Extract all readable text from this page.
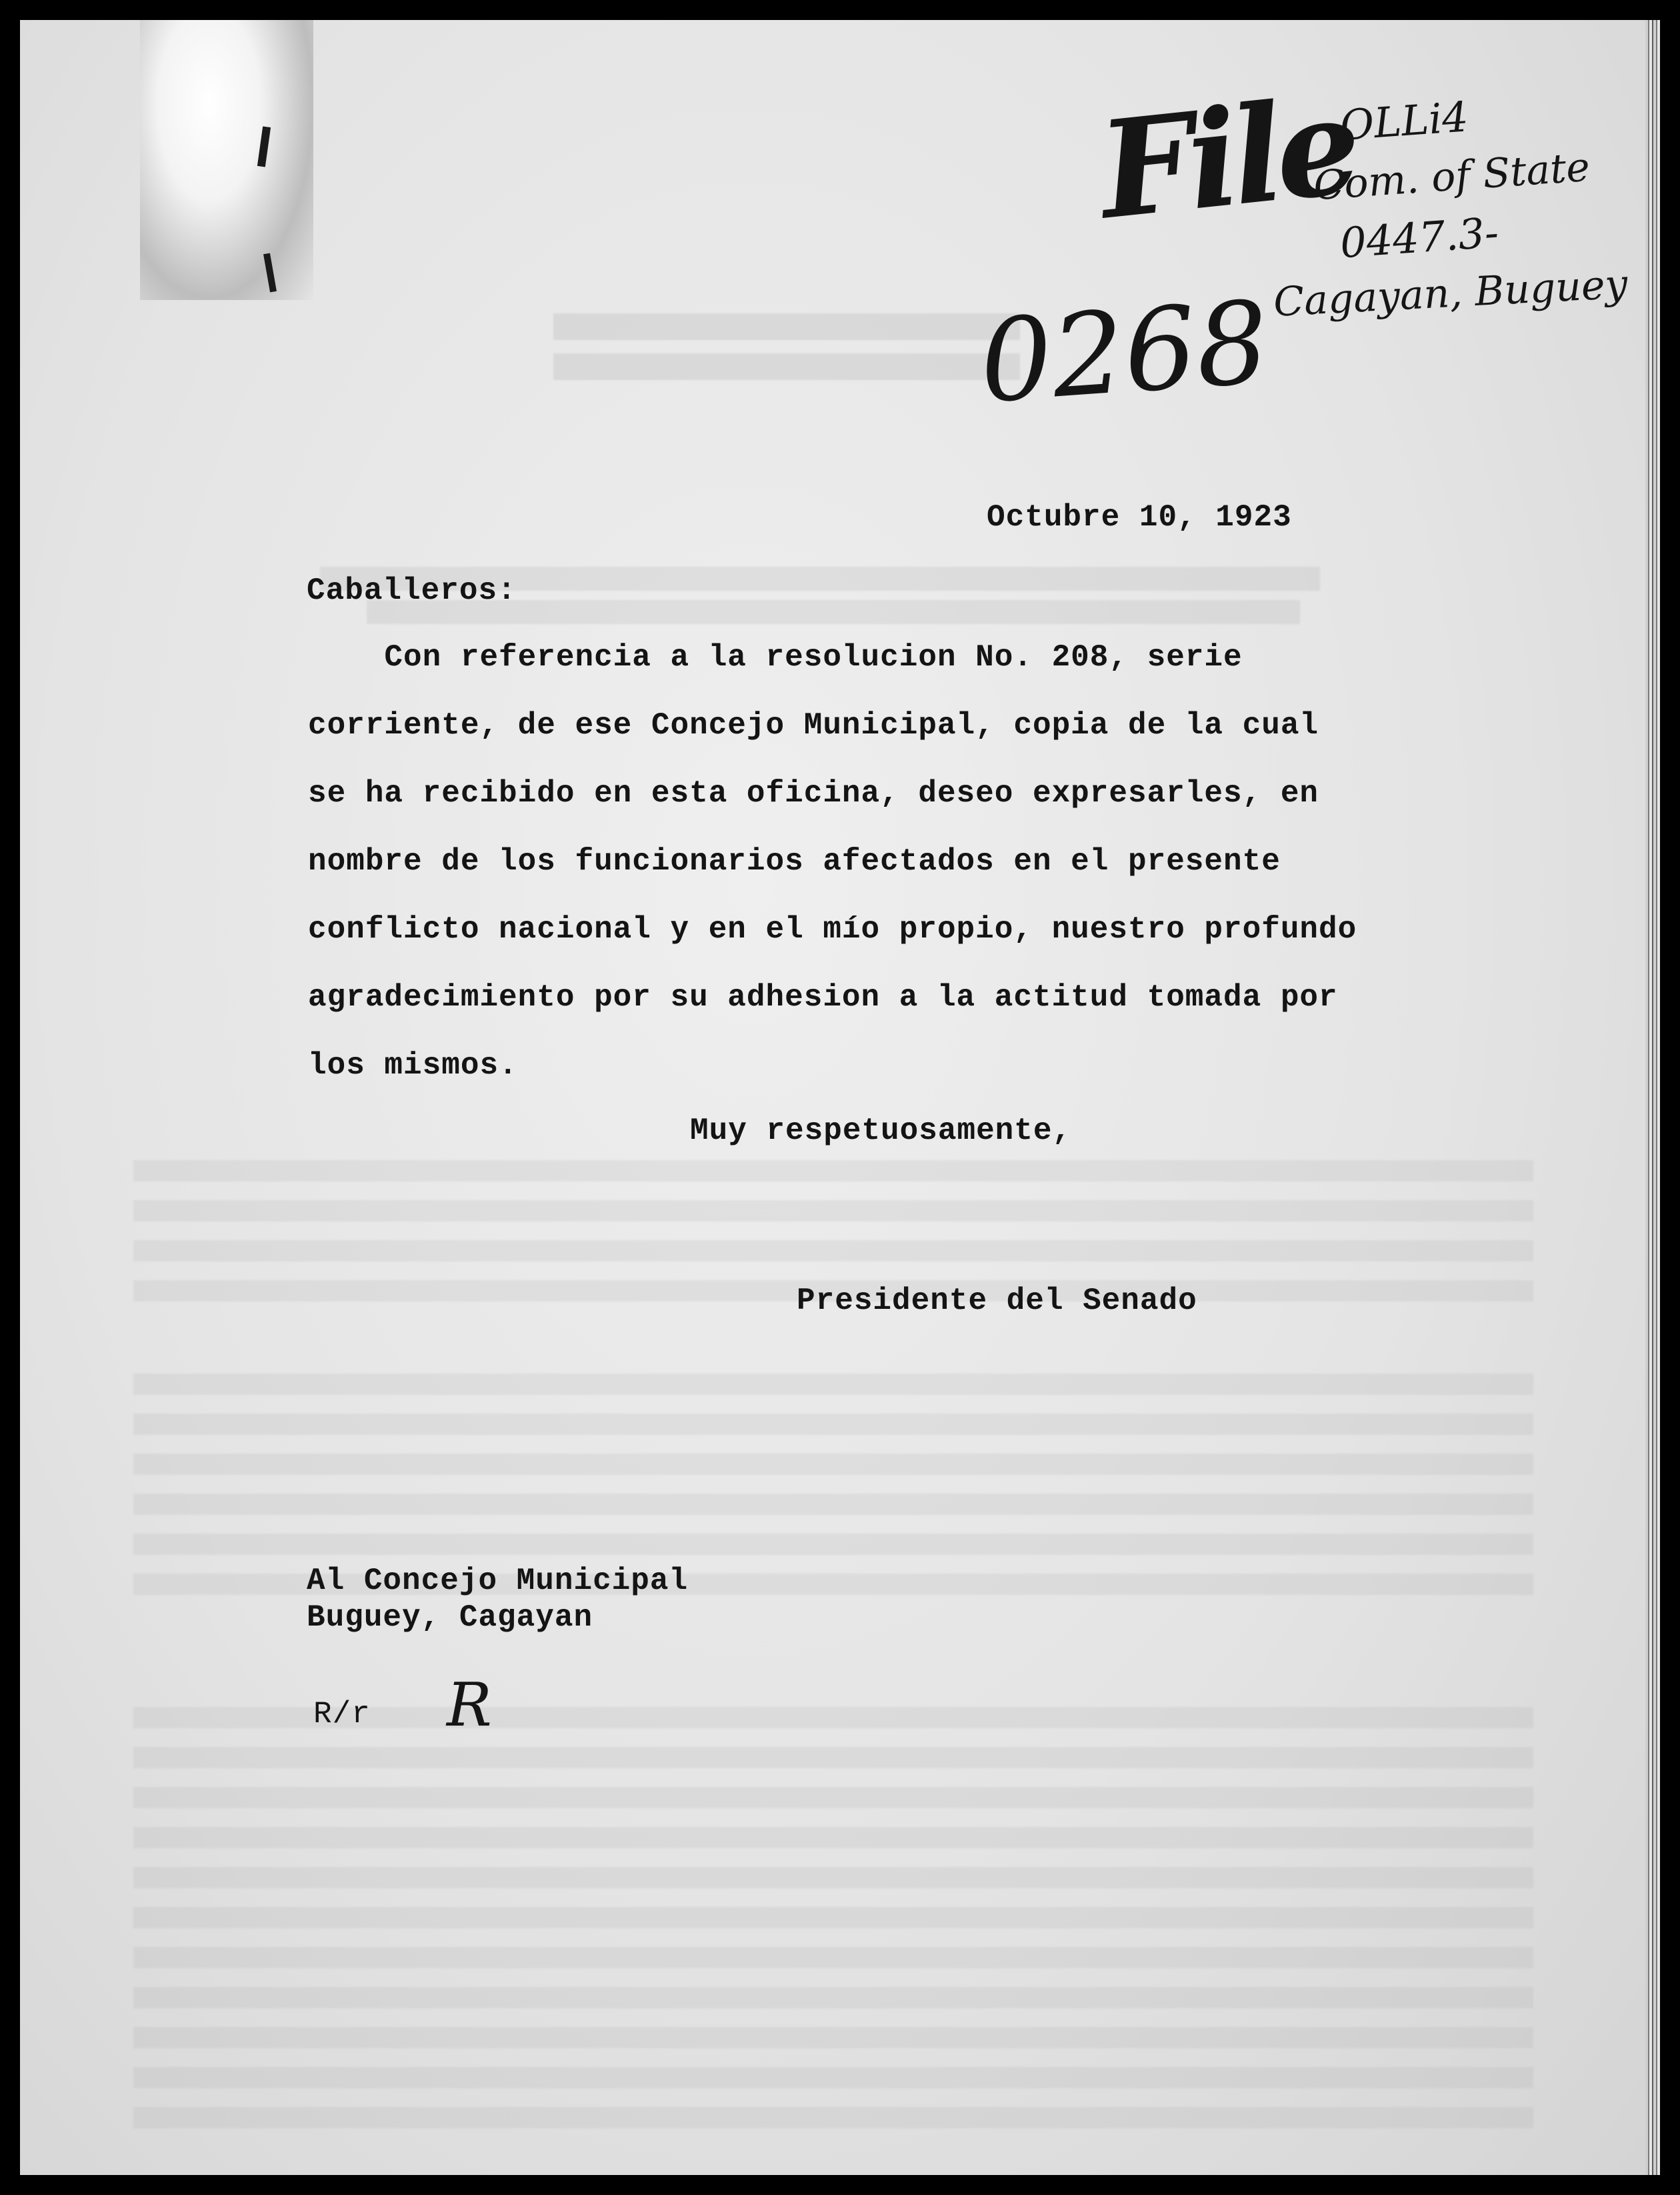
File
0268
OLLi4
Com. of State
0447.3-
Cagayan, Buguey
Octubre 10, 1923
Caballeros:
Con referencia a la resolucion No. 208, serie
corriente, de ese Concejo Municipal, copia de la cual
se ha recibido en esta oficina, deseo expresarles, en
nombre de los funcionarios afectados en el presente
conflicto nacional y en el mío propio, nuestro profundo
agradecimiento por su adhesion a la actitud tomada por
los mismos.
Muy respetuosamente,
Presidente del Senado
Al Concejo Municipal
Buguey, Cagayan
R/r R
